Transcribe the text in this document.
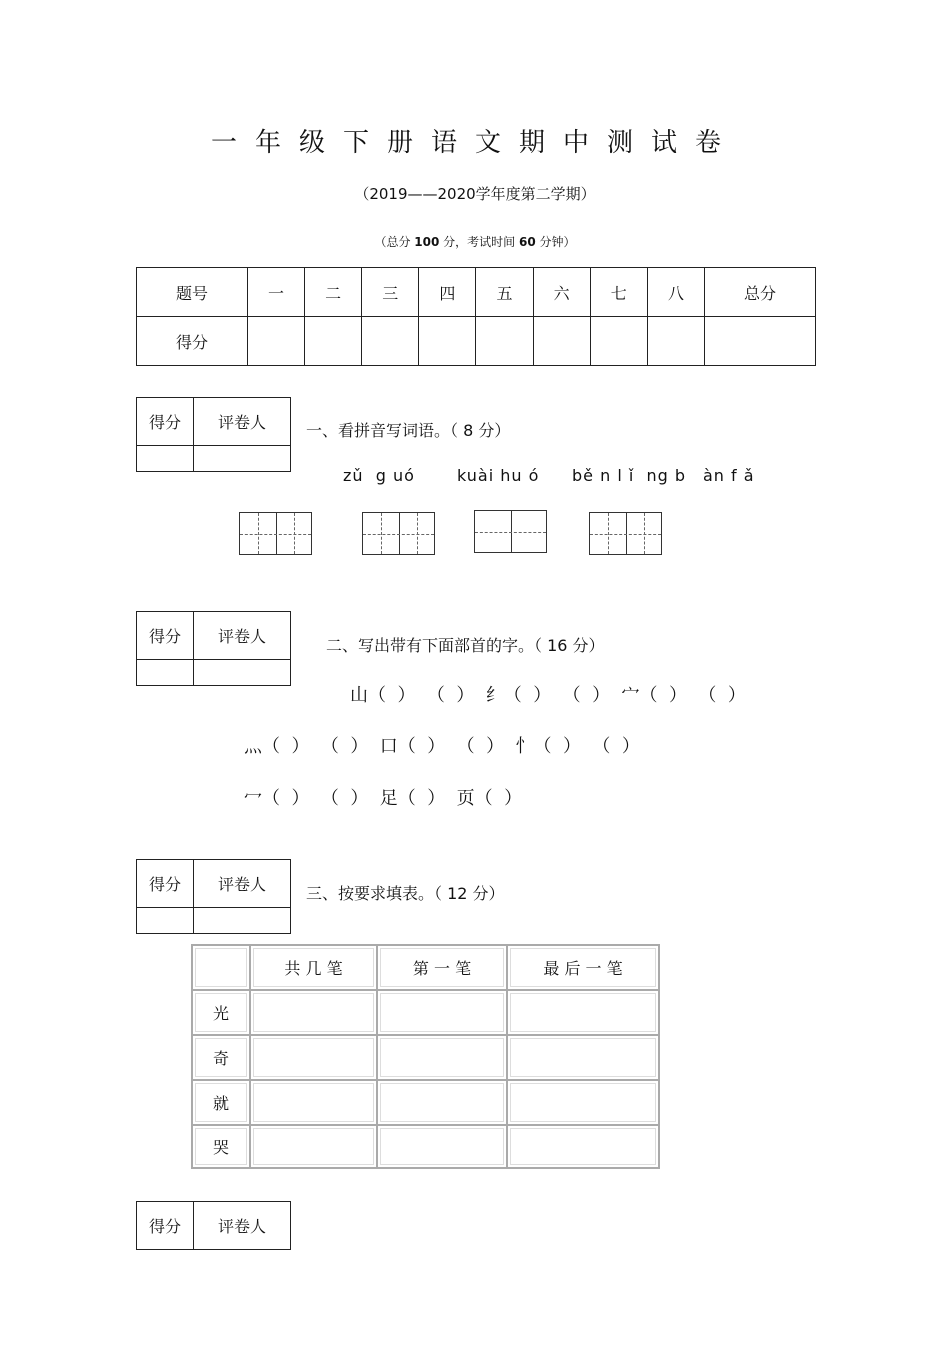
一年级下册语文期中测试卷
（2019——2020学年度第二学期）
（总分 100 分，考试时间 60 分钟）
题号	一	二	三	四	五	六	七	八	总分
得分									
得分	评卷人
		一、看拼音写词语。（ 8 分）
zǔ  g uó	kuài hu ó bě n l ǐ  ng b àn f ǎ
得分	评卷人
		二、写出带有下面部首的字。（ 16 分）
山（  ）  （  ）  纟（  ）  （  ）  宀（  ）  （  ）
灬（  ）  （  ）  口（  ）  （  ）  忄（  ）  （  ）
冖（  ）  （  ）  足（  ）  页（  ）
得分	评卷人
		三、按要求填表。（ 12 分）
	共 几 笔	第 一 笔	最 后 一 笔
光			
奇			
就			
哭			
得分	评卷人
